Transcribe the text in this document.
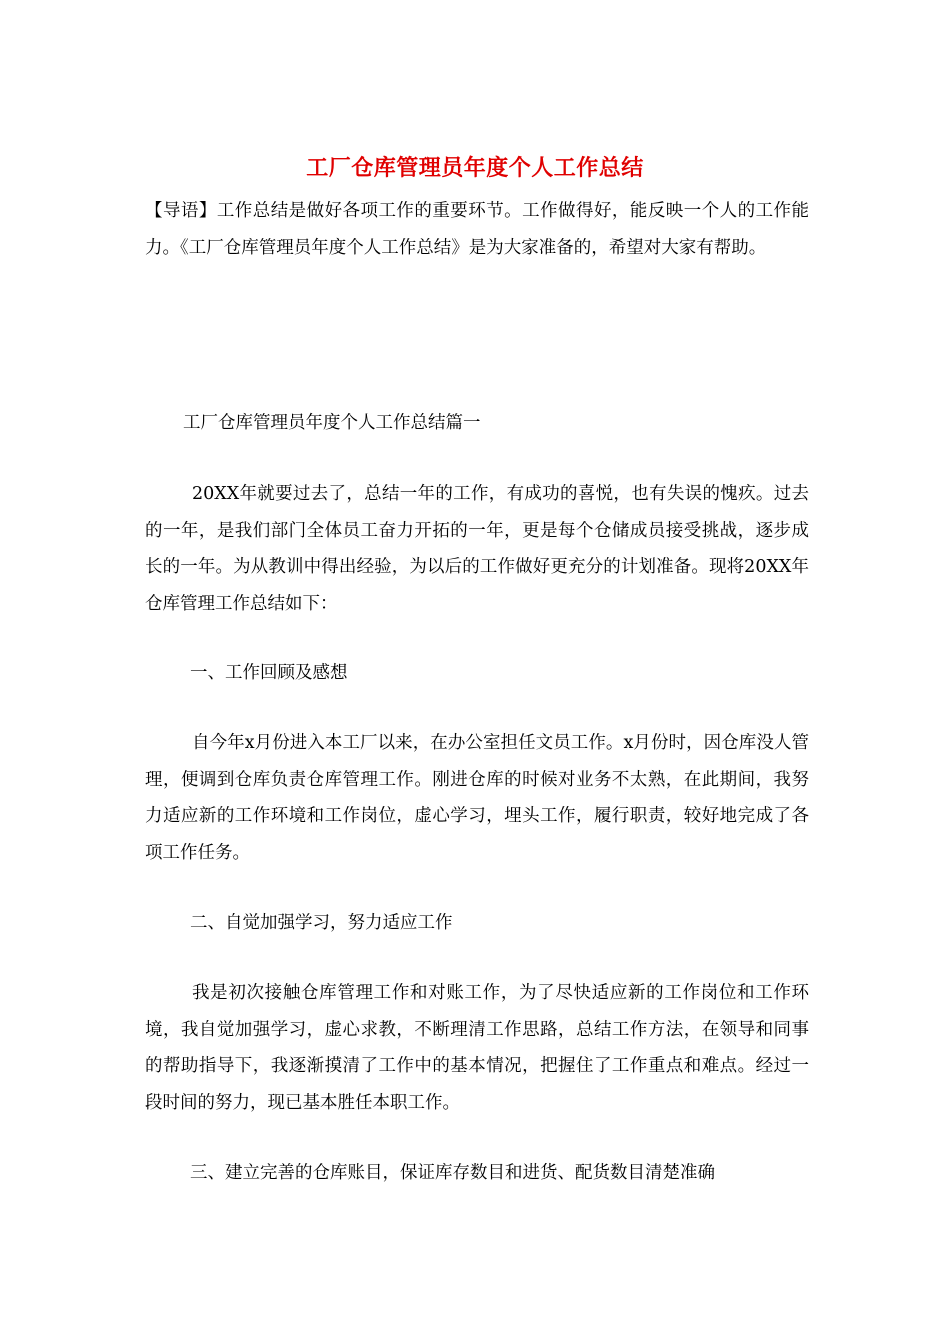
工厂仓库管理员年度个人工作总结

【导语】工作总结是做好各项工作的重要环节。工作做得好，能反映一个人的工作能力。《工厂仓库管理员年度个人工作总结》是为大家准备的，希望对大家有帮助。

工厂仓库管理员年度个人工作总结篇一

20XX年就要过去了，总结一年的工作，有成功的喜悦，也有失误的愧疚。过去的一年，是我们部门全体员工奋力开拓的一年，更是每个仓储成员接受挑战，逐步成长的一年。为从教训中得出经验，为以后的工作做好更充分的计划准备。现将20XX年仓库管理工作总结如下：

一、工作回顾及感想

自今年x月份进入本工厂以来，在办公室担任文员工作。x月份时，因仓库没人管理，便调到仓库负责仓库管理工作。刚进仓库的时候对业务不太熟，在此期间，我努力适应新的工作环境和工作岗位，虚心学习，埋头工作，履行职责，较好地完成了各项工作任务。

二、自觉加强学习，努力适应工作

我是初次接触仓库管理工作和对账工作，为了尽快适应新的工作岗位和工作环境，我自觉加强学习，虚心求教，不断理清工作思路，总结工作方法，在领导和同事的帮助指导下，我逐渐摸清了工作中的基本情况，把握住了工作重点和难点。经过一段时间的努力，现已基本胜任本职工作。

三、建立完善的仓库账目，保证库存数目和进货、配货数目清楚准确
